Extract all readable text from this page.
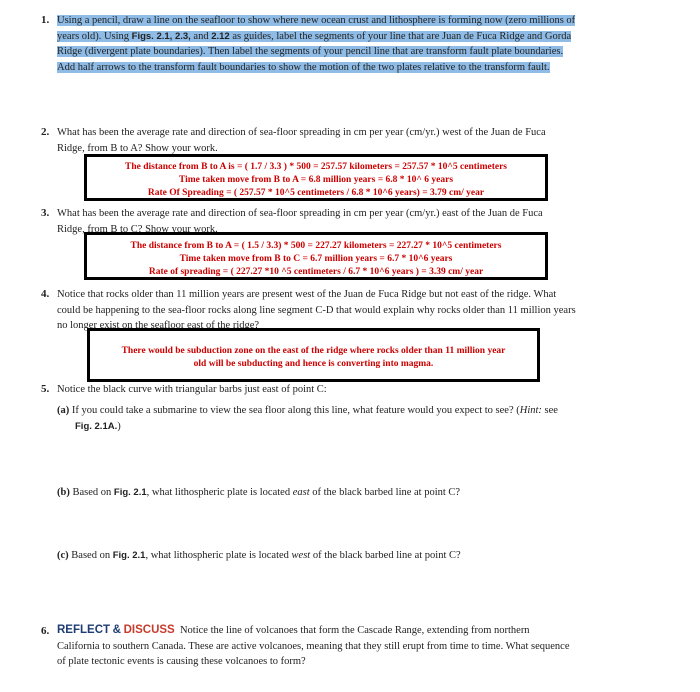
1. Using a pencil, draw a line on the seafloor to show where new ocean crust and lithosphere is forming now (zero millions of
years old). Using Figs. 2.1, 2.3, and 2.12 as guides, label the segments of your line that are Juan de Fuca Ridge and Gorda
Ridge (divergent plate boundaries). Then label the segments of your pencil line that are transform fault plate boundaries.
Add half arrows to the transform fault boundaries to show the motion of the two plates relative to the transform fault.
2. What has been the average rate and direction of sea-floor spreading in cm per year (cm/yr.) west of the Juan de Fuca
Ridge, from B to A? Show your work.
The distance from B to A is = ( 1.7 / 3.3 ) * 500 = 257.57 kilometers = 257.57 * 10^5 centimeters
Time taken move from B to A = 6.8 million years = 6.8 * 10^ 6 years
Rate Of Spreading = ( 257.57 * 10^5 centimeters / 6.8 * 10^6 years) = 3.79 cm/ year
3. What has been the average rate and direction of sea-floor spreading in cm per year (cm/yr.) east of the Juan de Fuca
Ridge, from B to C? Show your work.
The distance from B to A = ( 1.5 / 3.3) * 500 = 227.27 kilometers = 227.27 * 10^5 centimeters
Time taken move from B to C = 6.7 million years = 6.7 * 10^6 years
Rate of spreading = ( 227.27 *10 ^5 centimeters / 6.7 * 10^6 years ) = 3.39 cm/ year
4. Notice that rocks older than 11 million years are present west of the Juan de Fuca Ridge but not east of the ridge. What
could be happening to the sea-floor rocks along line segment C-D that would explain why rocks older than 11 million years
no longer exist on the seafloor east of the ridge?
There would be subduction zone on the east of the ridge where rocks older than 11 million year
old will be subducting and hence is converting into magma.
5. Notice the black curve with triangular barbs just east of point C:
(a) If you could take a submarine to view the sea floor along this line, what feature would you expect to see? (Hint: see
Fig. 2.1A.)
(b) Based on Fig. 2.1, what lithospheric plate is located east of the black barbed line at point C?
(c) Based on Fig. 2.1, what lithospheric plate is located west of the black barbed line at point C?
6. REFLECT & DISCUSS Notice the line of volcanoes that form the Cascade Range, extending from northern
California to southern Canada. These are active volcanoes, meaning that they still erupt from time to time. What sequence
of plate tectonic events is causing these volcanoes to form?
